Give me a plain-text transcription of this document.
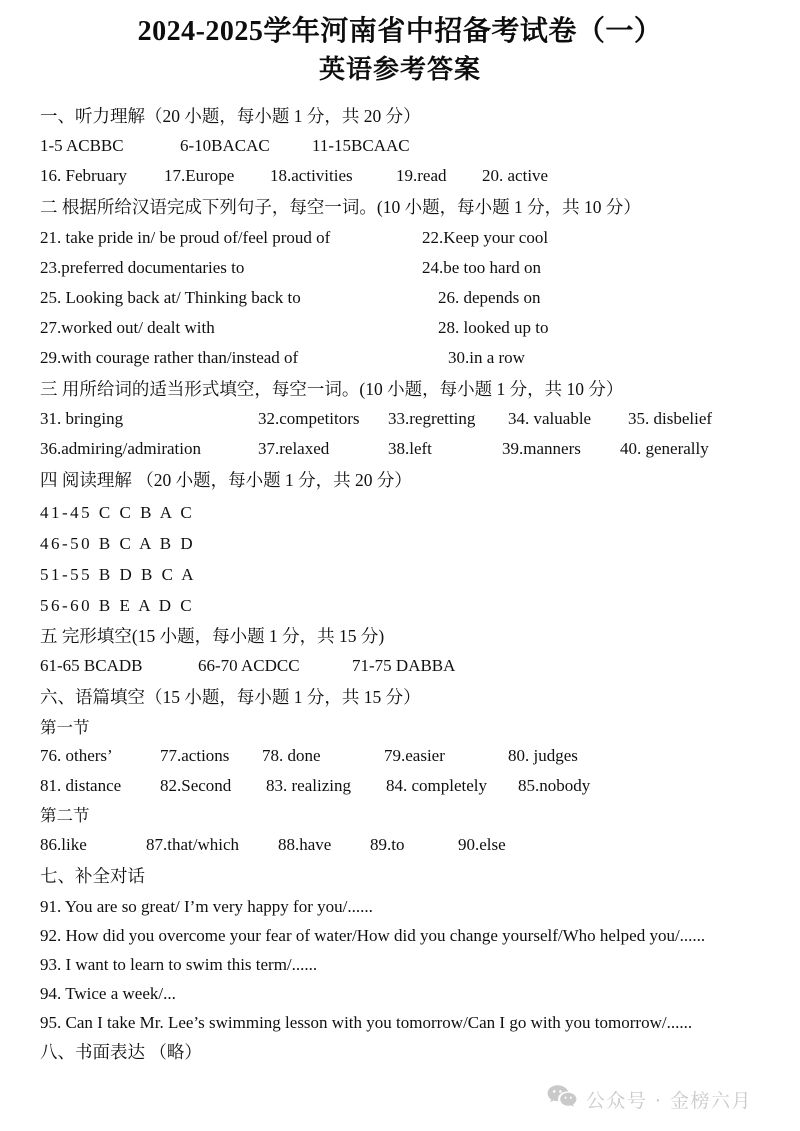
2024-2025学年河南省中招备考试卷（一）
英语参考答案
一、听力理解（20 小题，每小题 1 分，共 20 分）
1-5 ACBBC	6-10BACAC 11-15BCAAC
16. February 17.Europe 18.activities	19.read 20. active
二 根据所给汉语完成下列句子，每空一词。(10 小题，每小题 1 分，共 10 分）
21. take pride in/ be proud of/feel proud of	22.Keep your cool
23.preferred documentaries to	24.be too hard on
25. Looking back at/ Thinking back to	26. depends on
27.worked out/ dealt with	28. looked up to
29.with courage rather than/instead of	30.in a row
三 用所给词的适当形式填空，每空一词。(10 小题，每小题 1 分，共 10 分）
31. bringing	32.competitors 33.regretting 34. valuable 35. disbelief
36.admiring/admiration	37.relaxed	38.left	39.manners 40. generally
四 阅读理解 （20 小题，每小题 1 分，共 20 分）
41-45 C C B A C
46-50 B C A B D
51-55 B D B C A
56-60 B E A D C
五 完形填空(15 小题，每小题 1 分，共 15 分)
61-65 BCADB	66-70 ACDCC	71-75 DABBA
六、语篇填空（15 小题，每小题 1 分，共 15 分）
第一节
76. others’	77.actions 78. done	79.easier	80. judges
81. distance 82.Second 83. realizing 84. completely 85.nobody
第二节
86.like	87.that/which 88.have 89.to	90.else
七、补全对话
91. You are so great/ I’m very happy for you/......
92. How did you overcome your fear of water/How did you change yourself/Who helped you/......
93. I want to learn to swim this term/......
94. Twice a week/...
95. Can I take Mr. Lee’s swimming lesson with you tomorrow/Can I go with you tomorrow/......
八、书面表达 （略）
公众号 · 金榜六月
